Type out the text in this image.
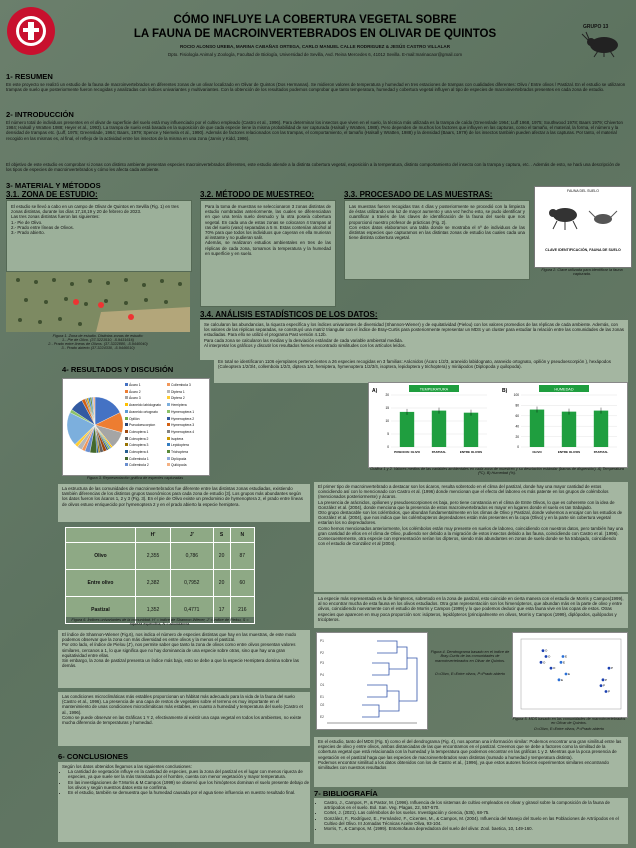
CÓMO INFLUYE LA COBERTURA VEGETAL SOBRE
LA FAUNA DE MACROINVERTEBRADOS EN OLIVAR DE QUINTOS
ROCIO ALONSO UREBA, MARINA CABAÑAS ORTEGA, CARLO MANUEL CALLE RODRIGUEZ & JESÚS CASTRO VILLALAR
Dpto. Fisiología Animal y Zoología, Facultad de Biología, Universidad de Sevilla, Avd. Reina Mercedes 6, 41012 Sevilla. E-mail:marinacaor@gmail.com
GRUPO 13
1- RESUMEN

En este proyecto se realizó un estudio de la fauna de macroinvertebrados en diferentes zonas de un olivar localizado en Olivar de Quintos (Dos Hermanas). Se midieron valores de temperatura y humedad en tres estaciones de trampas con cualidades diferentes: Olivo / Entre olivos / Pastizal. En el estudio se utilizaron trampas de suelo que posteriormente fueron recogidas y analizadas con índices univariantes y multivariantes. Con la obtención de los resultados podemos comprobar que tanto temperatura, humedad y cobertura vegetal influyen al tipo de especies de macroinvertebrados presentes en cada zona de estudio.

2- INTRODUCCIÓN

El número total de individuos presentes en el olivar de superficie del suelo está muy influenciado por el cultivo empleado (Castro et al., 1996). Para determinar los insectos que viven en el suelo, la técnica más utilizada es la trampa de caída (Greenslade 1964; Luff 1968, 1975; Southwood 1978; Baars 1979; Chiverton 1984; Halsall y Wratten 1988; Heyer et al., 1993). La trampa de suelo está basada en la suposición de que cada especie tiene la misma probabilidad de ser capturada (Halsall y Wratten, 1988). Pero dependen de muchos los factores que influyen en las capturas, como el tamaño, el material, la forma, el número y la densidad de trampas etc. (Luff, 1975; Greenslade, 1964; Baars, 1979; Spence y Niemela et al., 1990). Además de factores relacionados con las trampas, el comportamiento, el tamaño (Halsall y Wratten, 1988) y la densidad (Baars, 1979) de los insectos también pueden afectar a las capturas. Por tanto, el material recogido en las mismas es, al final, el reflejo de la actividad entre los insectos de la misma en una zona (Jarvis y Kidd, 1986).

El objetivo de este estudio es comprobar si zonas con distinto ambiente presentan especies macroinvertebrados diferentes, este estudio atiende a la distinta cobertura vegetal, exposición a la temperatura, distinto comportamiento del insecto con la trampa y captura, etc. . Además de esto, se hará una descripción de los tipos de especies de macroinvertebrados y cómo les afecta cada ambiente.

3- MATERIAL Y MÉTODOS
3.1. ZONA DE ESTUDIO:

El estudio se llevó a cabo en un campo de Olivar de Quintos en Sevilla (Fig. 1) en tres zonas distintas, durante los días 17,18,19 y 20 de febrero de 2023.

Las tres zonas distintas fueron las siguientes:

1.- Pie de Olivo.

2.- Prado entre líneas de Olivos.

3.- Prado abierto.

Figura 1. Zona de estudio. Distintas zonas de estudio:

1.- Pie de Olivo. (37.3221510, -5.9431616)

2.- Prado entre líneas de Olivos. (37.3222880, -5.9440040)

3.- Prado abierto (37.3224330, -5.9446010)

3.2. MÉTODO DE MUESTREO:

Para la toma de muestras se seleccionaron 3 zonas distintas de estudio nombradas anteriormente, las cuales se diferenciaban en que una tenía suelo desnudo y la otra poseía cobertura vegetal. En cada una de estas zonas se colocaron 4 trampas al ras del suelo (vaso) separadas a 5 m. Estas contenían alcohol al 70% para que todos los individuos que cayeran en ella murieran al instante y no pudieran salir.

Además, se realizaron estudios ambientales en tres de las réplicas de cada zona, tomamos la temperatura y la humedad en superficie y en suelo.

3.3. PROCESADO DE LAS MUESTRAS:

Las muestras fueron recogidas tras 4 días y posteriormente se procedió con la limpieza de éstas utilizando una luz de mayor aumento y una vez hecho esto, se pudo identificar y cuantificar a través de las claves de identificación de la fauna del suelo que nos proporcionó nuestro profesor de prácticas (Fig. 2).

Con estos datos elaboramos una tabla donde se mostraba el nº de individuos de las distintas especies que capturamos en las distintas zonas de estudio las cuales cada una tiene distinta cobertura vegetal.

FAUNA DEL SUELO
CLAVE IDENTIFICACIÓN, FAUNA DE SUELO

Figura 2. Clave utilizada para identificar la fauna capturada.

3.4. ANÁLISIS ESTADÍSTICOS DE LOS DATOS:

Se calcularon las abundancias, la riqueza específica y los índices univariantes de diversidad (Shannon-Wiener) y de equitatividad (Pielou) con los valores promedios de las réplicas de cada ambiente. Además, con los valores de las réplicas separadas, se construyó una matriz triangular con el índice de Bray-Curtis para posteriormente representar un MDS y un cluster para estudiar la relación entre las comunidades de las zonas estudiadas. Para ello se utilizó el programa Past versión 4.12b.

Para cada zona se calcularon las medias y la desviación estándar de cada variable ambiental medida.

Al interpretar los gráficos y discutir los resultados hemos encontrado similitudes con los artículos leídos.

4- RESULTADOS Y DISCUSIÓN

En total se identificaron 1106 ejemplares pertenecientes a 26 especies recogidas en 3 familias: Arácnidos (Ácaro 1/2/3, araneido labidognato, araneido ortognato, opilión y pseudoescorpión ), hexápodos (Coleoptera 1/2/3/4, collembola 1/2/3, diptera 1/2, hemiptera, hymenoptera 1/2/3/4, isoptera, lepidoptera y trichoptera) y miriápodos (Diplopoda y quilopoda).

Ácaro 1
Ácaro 2
Ácaro 3
Araneido labidognato
Araneido ortognato
Opilión
Pseudoescorpion
Coleoptera 1
Coleoptera 2
Coleoptera 3
Coleoptera 4
Collembola 1
Collembola 2
Collembola 3
Diptera 1
Diptera 2
Hemiptera
Hymenoptera 1
Hymenoptera 2
Hymenoptera 3
Hymenoptera 4
Isoptera
Lepidoptera
Trichoptera
Diplópoda
Quilópoda

Figura 3. Representación gráfica de especies capturadas

A)	TEMPERATURA
0
5
10
15
20
POSICION: OLIVO	PASTIZAL	ENTRE OLIVOS
B)	HUMEDAD
0
20
40
60
80
100
OLIVO	ENTRE OLIVOS	PASTIZAL

Gráfica 1 y 2. Valores medios de las variables ambientales en cada zona de muestreo y su desviación estándar (barras de dispersión). A) Temperatura (ºC), B) Humedad (%).

La estructura de las comunidades de macroinvertebrados fue diferente entre las distintas zonas estudiadas, existiendo también diferencias de los distintos grupos taxonómicos para cada zona de estudio [3]. Los grupos más abundantes según los datos fueron los ácaros 1, 2 y 3 (Fig. 3). En el pie de Olivo existe un predominio de hymenoptera 2, el prado entre líneas de olivos estuvo enriquecido por hymenoptera 2 y en el prado abierto la especie hemiptera.

	H'	J'	S	N
Olivo	2,355	0,786	20	87
Entre olivo	2,382	0,7952	20	60
Pastizal	1,352	0,4771	17	216

Figura 6. Índices univariantes de la comunidad. H' = índice de Shannon-Wiener, J' = índice de Pielou, S = riqueza específica, N = abundancia.

El índice de Shannon-Wiener (Fig.6), nos indica el número de especies distintas que hay en las muestras, de este modo podemos observar que la zona con más diversidad es entre olivos y la menos el pastizal.

Por otro lado, el índice de Pielou (J'), nos permite saber que tanto la zona de olivos como entre olivos presentan valores similares, cercanos a 1, lo que significa que no hay dominancia de una especie sobre otras, sino que hay una gran equitatividad entre ellas.

Sin embargo, la zona de pastizal presenta un índice más bajo, esto se debe a que la especie Hemiptera domina sobre las demás.

Las condiciones microclimáticas más estables proporcionan un hábitat más adecuado para la vida de la fauna del suelo (Castro et al., 1996). La presencia de una capa de restos de vegetales sobre el terreno es muy importante en el mantenimiento de unas condiciones microclimáticas más estables, en cuanto a humedad y temperatura del suelo (Castro et al., 1996).

Como se puede observar en las Gráficas 1 Y 2, efectivamente al existir una capa vegetal en todos los ambientes, no existe mucha diferencia de temperaturas y humedad.

El primer tipo de macroinvertebrado a destacar son los ácaros, resulta sobretodo en el clima del pastizal, donde hay una mayor cantidad de estos coincidiendo así con lo mencionado con Castro et al. (1996) donde mencionan que el efecto del laboreo es más patente en los grupos de colémbolos (mencionados posteriormente) y ácaros.

La presencia de arácnidos, opiliones y pseudoescorpiones es baja, pero tiene constancia en el clima de Entre Olivos, lo que es coherente con la idea de González et al. (2004), donde menciona que la presencia de estos macroinvertebrados es mayor en lugares donde el suelo es tan trabajado.

Otro grupo destacable son los colémbolos, que abundan fundamentalmente en los climas de Olivo y Pastizal, donde volvemos a encajar con los estudios de González et al. (2004), que nos indica que los colémbopteros depredadores están más presentes en la copa (Olivo) y en la parte sin cobertura vegetal estarían los no depredadores.

Como hemos mencionados anteriormente, los colémbolos están muy presente en suelos de laboreo, coincidiendo con nuestros datos, pero también hay una gran cantidad de ellos en el clima de Olivo, pudiendo ser debido a la migración de estos insectos debido a las fauna, coincidiendo con Castro et al. (1996).

Consecuentemente, otra especie con representación serían los dípteros, siendo más abundantes en zonas de suelo donde se ha trabajado, coincidiendo con el estudio de González et al (2004).

La especie más representada es la de himpteros, sobretodo en la zona de pastizal, esto coincide en cierta manera con el estudio de Morris y Campos(1999), al no encontrar mucha de esta fauna en los olivos estudiados. Otra gran representación son los himenópteros, que abundan más en la parte de olivo y entre olivos, coincidiendo nuevamente con el estudio de Morris y Campos (1999) y lo que podemos deducir que esta fauna vive en las copas de estos. Otras especies que aparecen en muy poca proporción son: isópteros, lepidópteros (principalmente en olivos, Morris y Campos (1999), diplópodos, quilópodos y tricópteros.

P1
P2
P3
P4
O1
E1
O2
E2

Figura 4. Dendrograma basado en el índice de Bray-Curtis de las comunidades de macroinvertebrados en Olivar de Quintos.

O=Olivo, E=Entre olivos, P=Prado abierto

O
O
O
O
E
E
E
E
P
P
P
P

Figura 5. MDS basado en las comunidades de macroinvertebrados en Olivar de Quintos.

O=Olivo, E=Entre olivos, P=Prado abierto

En el estudio, tanto del MDS (Fig. 5) como el del dendrograma (Fig. 4), nos aportan una información similar: Podemos encontrar una gran similitud entre las especies de olivo y entre olivos, ambas distanciadas de las que encontramos en el pastizal. Creemos que se debe a factores como la similitud de la cobertura vegetal que está relacionada con la humedad y la temperatura que podemos encontrar en las gráficas 1 y 2. Mientras que la poca presencia de vegetación en el pastizal haga que las especies de macroinvertebrados sean distintas (sumado a humedad y temperatura distinta).

Podemos encontrar similitud a los datos obtenidos con los de Castro et al., (1996), ya que estos autores hicieron experimentos similares encontrando similitudes con nuestros resultados

6- CONCLUSIONES

Según los datos obtenidos llegamos a las siguientes conclusiones:

• La cantidad de vegetación influye en la cantidad de especies, pues la zona del pastizal es el lugar con menos riqueza de especies, ya que suele ser la más transitada por el hombre, cuenta con menor vegetación y mayor temperatura.
• En las investigaciones de T.Morris & M.Campos (1999) se observó que los himópteros dominan el suelo presente debajo de los olivos y según nuestros datos esto se confirma.
• En el estudio, también se demuestra que la humedad causada por el agua tiene influencia en nuestro resultado final.	7- BIBLIOGRAFÍA
• Castro, J., Campos, P., & Pastor, M. (1996). Influencia de los sistemas de cultivo empleados en olivar y girasol sobre la composición de la fauna de artrópodos en el suelo. Bol. San. Veg. Plagas, 22, 557-570.
• Cortet, J. (2021). Las colémbolos de los suelos. Investigación y ciencia, (535), 68-75.
• González, F., Rodríguez, E., Fernández, F., Cicentes, M., & Campos, M. (2004). Influencia del Manejo del Suelo en las Poblaciones de Artrópodos en el Cultivo del Olivo. III Jornadas Técnicas Aceite Oliva, 93-104.
• Morris, T., & Campos, M. (1999). Entomofauna depredadora del suelo del olivar. Zool. baetica, 10, 149-160.
